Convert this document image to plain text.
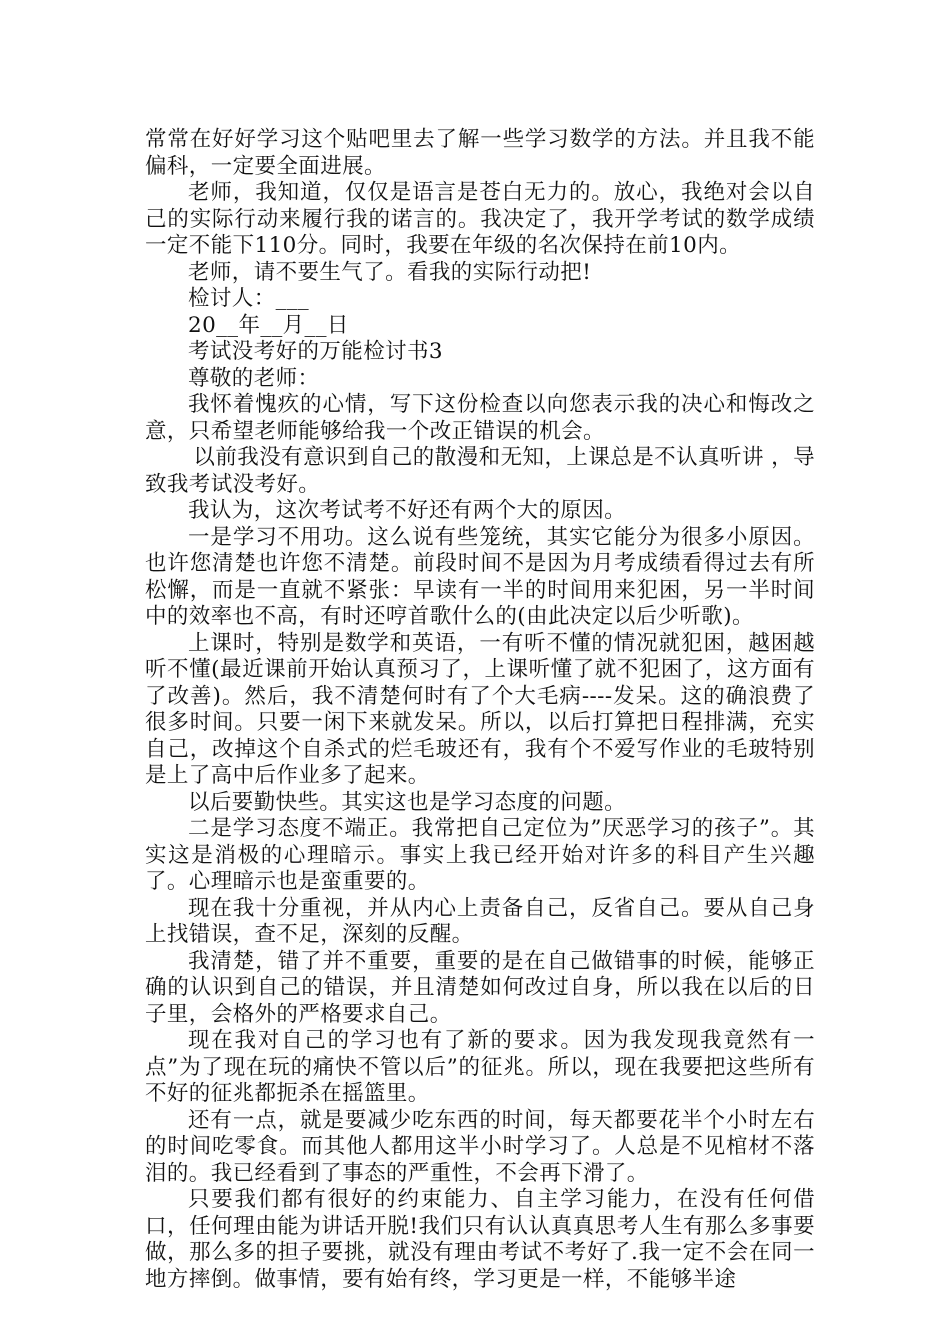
常常在好好学习这个贴吧里去了解一些学习数学的方法。并且我不能偏科，一定要全面进展。

老师，我知道，仅仅是语言是苍白无力的。放心，我绝对会以自己的实际行动来履行我的诺言的。我决定了，我开学考试的数学成绩一定不能下110分。同时，我要在年级的名次保持在前10内。

老师，请不要生气了。看我的实际行动把!

检讨人：___

20__年__月__日

考试没考好的万能检讨书3

尊敬的老师：

我怀着愧疚的心情，写下这份检查以向您表示我的决心和悔改之意，只希望老师能够给我一个改正错误的机会。

以前我没有意识到自己的散漫和无知，上课总是不认真听讲 ，导致我考试没考好。

我认为，这次考试考不好还有两个大的原因。

一是学习不用功。这么说有些笼统，其实它能分为很多小原因。也许您清楚也许您不清楚。前段时间不是因为月考成绩看得过去有所松懈，而是一直就不紧张：早读有一半的时间用来犯困，另一半时间中的效率也不高，有时还哼首歌什么的(由此决定以后少听歌)。

上课时，特别是数学和英语，一有听不懂的情况就犯困，越困越听不懂(最近课前开始认真预习了，上课听懂了就不犯困了，这方面有了改善)。然后，我不清楚何时有了个大毛病----发呆。这的确浪费了很多时间。只要一闲下来就发呆。所以，以后打算把日程排满，充实自己，改掉这个自杀式的烂毛玻还有，我有个不爱写作业的毛玻特别是上了高中后作业多了起来。

以后要勤快些。其实这也是学习态度的问题。

二是学习态度不端正。我常把自己定位为”厌恶学习的孩子”。其实这是消极的心理暗示。事实上我已经开始对许多的科目产生兴趣了。心理暗示也是蛮重要的。

现在我十分重视，并从内心上责备自己，反省自己。要从自己身上找错误，查不足，深刻的反醒。

我清楚，错了并不重要，重要的是在自己做错事的时候，能够正确的认识到自己的错误，并且清楚如何改过自身，所以我在以后的日子里，会格外的严格要求自己。

现在我对自己的学习也有了新的要求。因为我发现我竟然有一点”为了现在玩的痛快不管以后”的征兆。所以，现在我要把这些所有不好的征兆都扼杀在摇篮里。

还有一点，就是要减少吃东西的时间，每天都要花半个小时左右的时间吃零食。而其他人都用这半小时学习了。人总是不见棺材不落泪的。我已经看到了事态的严重性，不会再下滑了。

只要我们都有很好的约束能力、自主学习能力，在没有任何借口，任何理由能为讲话开脱!我们只有认认真真思考人生有那么多事要做，那么多的担子要挑，就没有理由考试不考好了.我一定不会在同一地方摔倒。做事情，要有始有终，学习更是一样，不能够半途
